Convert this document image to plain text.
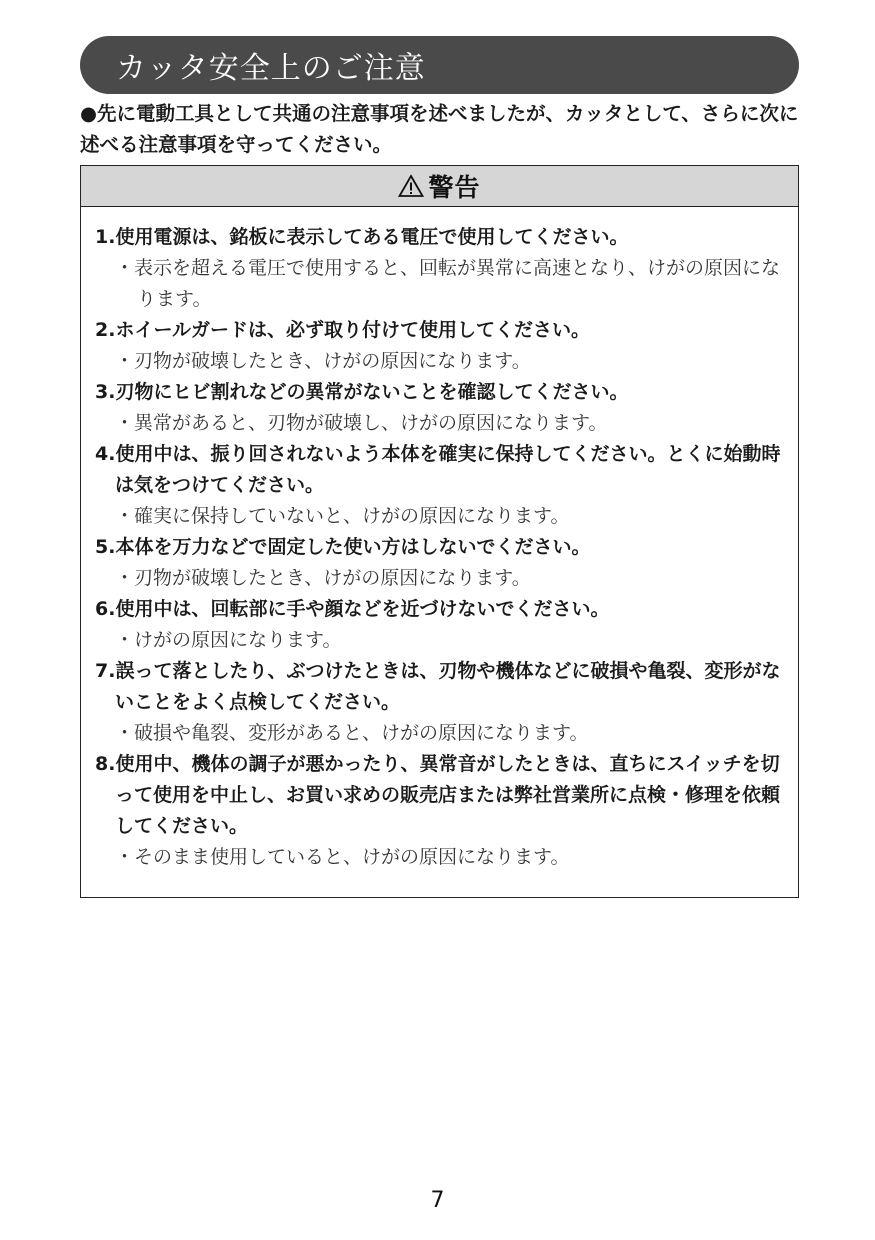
カッタ安全上のご注意
●先に電動工具として共通の注意事項を述べましたが、カッタとして、さらに次に述べる注意事項を守ってください。
警告
1.使用電源は、銘板に表示してある電圧で使用してください。
・表示を超える電圧で使用すると、回転が異常に高速となり、けがの原因になります。
2.ホイールガードは、必ず取り付けて使用してください。
・刃物が破壊したとき、けがの原因になります。
3.刃物にヒビ割れなどの異常がないことを確認してください。
・異常があると、刃物が破壊し、けがの原因になります。
4.使用中は、振り回されないよう本体を確実に保持してください。とくに始動時は気をつけてください。
・確実に保持していないと、けがの原因になります。
5.本体を万力などで固定した使い方はしないでください。
・刃物が破壊したとき、けがの原因になります。
6.使用中は、回転部に手や顔などを近づけないでください。
・けがの原因になります。
7.誤って落としたり、ぶつけたときは、刃物や機体などに破損や亀裂、変形がないことをよく点検してください。
・破損や亀裂、変形があると、けがの原因になります。
8.使用中、機体の調子が悪かったり、異常音がしたときは、直ちにスイッチを切って使用を中止し、お買い求めの販売店または弊社営業所に点検・修理を依頼してください。
・そのまま使用していると、けがの原因になります。
7
